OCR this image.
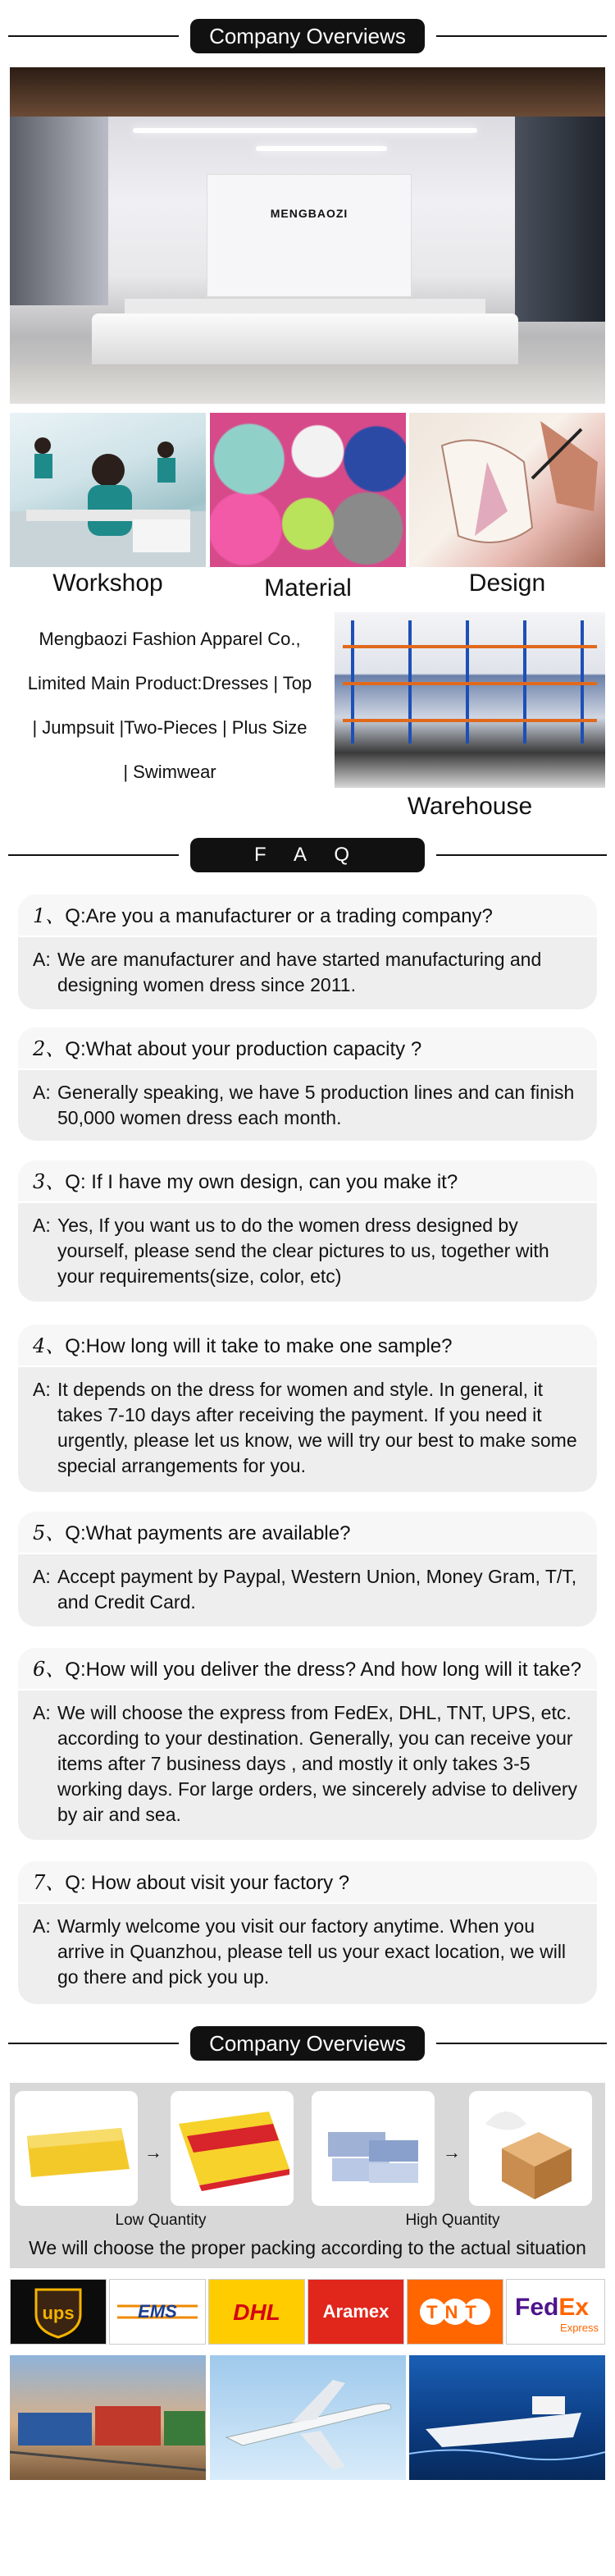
Company Overviews
MENGBAOZI
Workshop	Material	Design
Mengbaozi Fashion Apparel Co.,
Limited Main Product:Dresses | Top
| Jumpsuit |Two-Pieces | Plus Size
| Swimwear
Warehouse
F A Q
1、Q:Are you a manufacturer or a trading company?
A: We are manufacturer and have started manufacturing and designing women dress since 2011.
2、Q:What about your production capacity ?
A: Generally speaking, we have 5 production lines and can finish 50,000 women dress each month.
3、Q: If I have my own design, can you make it?
A: Yes, If you want us to do the women dress designed by yourself, please send the clear pictures to us, together with your requirements(size, color, etc)
4、Q:How long will it take to make one sample?
A: It depends on the dress for women and style. In general, it takes 7-10 days after receiving the payment. If you need it urgently, please let us know, we will try our best to make some special arrangements for you.
5、Q:What payments are available?
A: Accept payment by Paypal, Western Union, Money Gram, T/T, and Credit Card.
6、Q:How will you deliver the dress? And how long will it take?
A: We will choose the express from FedEx, DHL, TNT, UPS, etc. according to your destination. Generally, you can receive your items after 7 business days , and mostly it only takes 3-5 working days. For large orders, we sincerely advise to delivery by air and sea.
7、Q: How about visit your factory ?
A: Warmly welcome you visit our factory anytime. When you arrive in Quanzhou, please tell us your exact location, we will go there and pick you up.
Company Overviews
→	→
Low Quantity	High Quantity
We will choose the proper packing according to the actual situation
ups	EMS DHL Aramex TNT FedEx
Express
